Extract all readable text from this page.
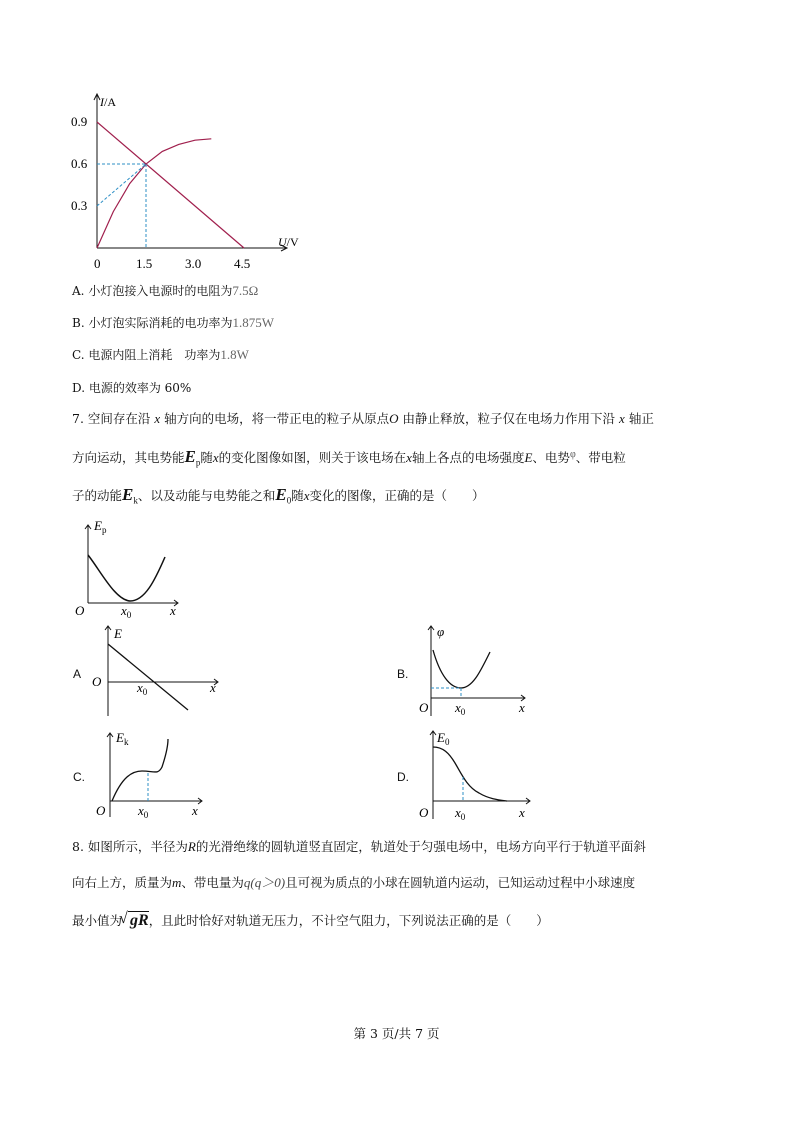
0	1.5	3.0	4.5
0.9
0.6
0.3
I/A
U/V
A. 小灯泡接入电源时的电阻为7.5Ω
B. 小灯泡实际消耗的电功率为1.875W
C. 电源内阻上消耗　功率为1.8W
D. 电源的效率为 60%
7. 空间存在沿 x 轴方向的电场，将一带正电的粒子从原点O 由静止释放，粒子仅在电场力作用下沿 x 轴正
方向运动，其电势能$E_p$随x的变化图像如图，则关于该电场在x轴上各点的电场强度E、电势$^\varphi$、带电粒
子的动能$E_k$、以及动能与电势能之和$E_0$随x变化的图像，正确的是（　　）
$E_p$
O	$x_0$	x
A
E
O	$x_0$	x
B.
φ
O $x_0$	x
C.
$E_k$
O	$x_0$	x
D.
$E_0$
O $x_0$	x
8. 如图所示，半径为R的光滑绝缘的圆轨道竖直固定，轨道处于匀强电场中，电场方向平行于轨道平面斜
向右上方，质量为m、带电量为q(q＞0)且可视为质点的小球在圆轨道内运动，已知运动过程中小球速度
最小值为
√ gR，且此时恰好对轨道无压力，不计空气阻力，下列说法正确的是（　　）
第 3 页/共 7 页
